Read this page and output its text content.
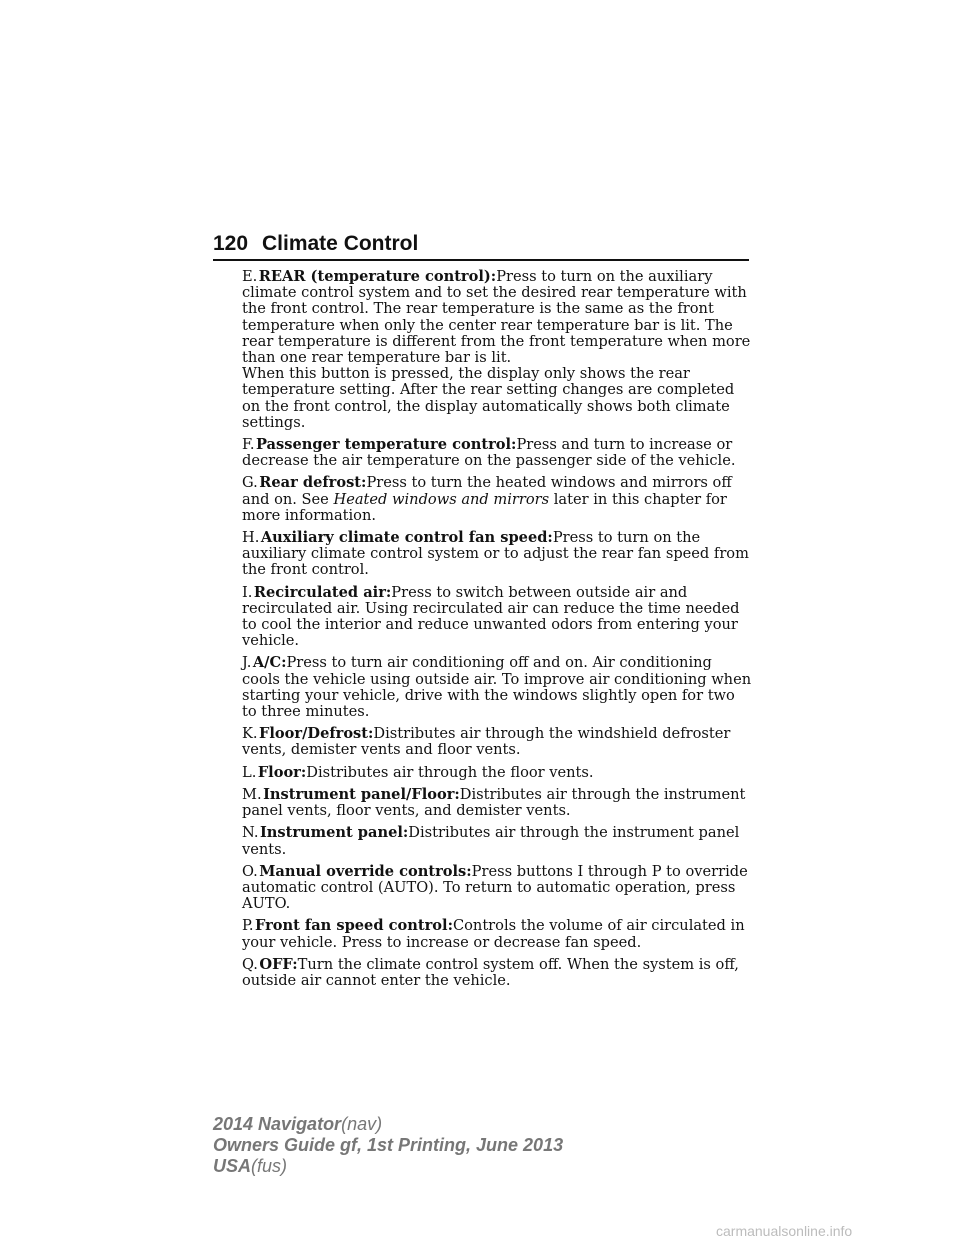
120 Climate Control

E. REAR (temperature control):Press to turn on the auxiliary climate control system and to set the desired rear temperature with the front control. The rear temperature is the same as the front temperature when only the center rear temperature bar is lit. The rear temperature is different from the front temperature when more than one rear temperature bar is lit.

When this button is pressed, the display only shows the rear temperature setting. After the rear setting changes are completed on the front control, the display automatically shows both climate settings.

F. Passenger temperature control:Press and turn to increase or decrease the air temperature on the passenger side of the vehicle.

G. Rear defrost:Press to turn the heated windows and mirrors off and on. See Heated windows and mirrors later in this chapter for more information.

H. Auxiliary climate control fan speed:Press to turn on the auxiliary climate control system or to adjust the rear fan speed from the front control.

I. Recirculated air:Press to switch between outside air and recirculated air. Using recirculated air can reduce the time needed to cool the interior and reduce unwanted odors from entering your vehicle.

J. A/C:Press to turn air conditioning off and on. Air conditioning cools the vehicle using outside air. To improve air conditioning when starting your vehicle, drive with the windows slightly open for two to three minutes.

K. Floor/Defrost:Distributes air through the windshield defroster vents, demister vents and floor vents.

L. Floor:Distributes air through the floor vents.

M. Instrument panel/Floor:Distributes air through the instrument panel vents, floor vents, and demister vents.

N. Instrument panel:Distributes air through the instrument panel vents.

O. Manual override controls:Press buttons I through P to override automatic control (AUTO). To return to automatic operation, press AUTO.

P. Front fan speed control:Controls the volume of air circulated in your vehicle. Press to increase or decrease fan speed.

Q. OFF:Turn the climate control system off. When the system is off, outside air cannot enter the vehicle.

2014 Navigator(nav)
Owners Guide gf, 1st Printing, June 2013
USA(fus)
carmanualsonline.info
